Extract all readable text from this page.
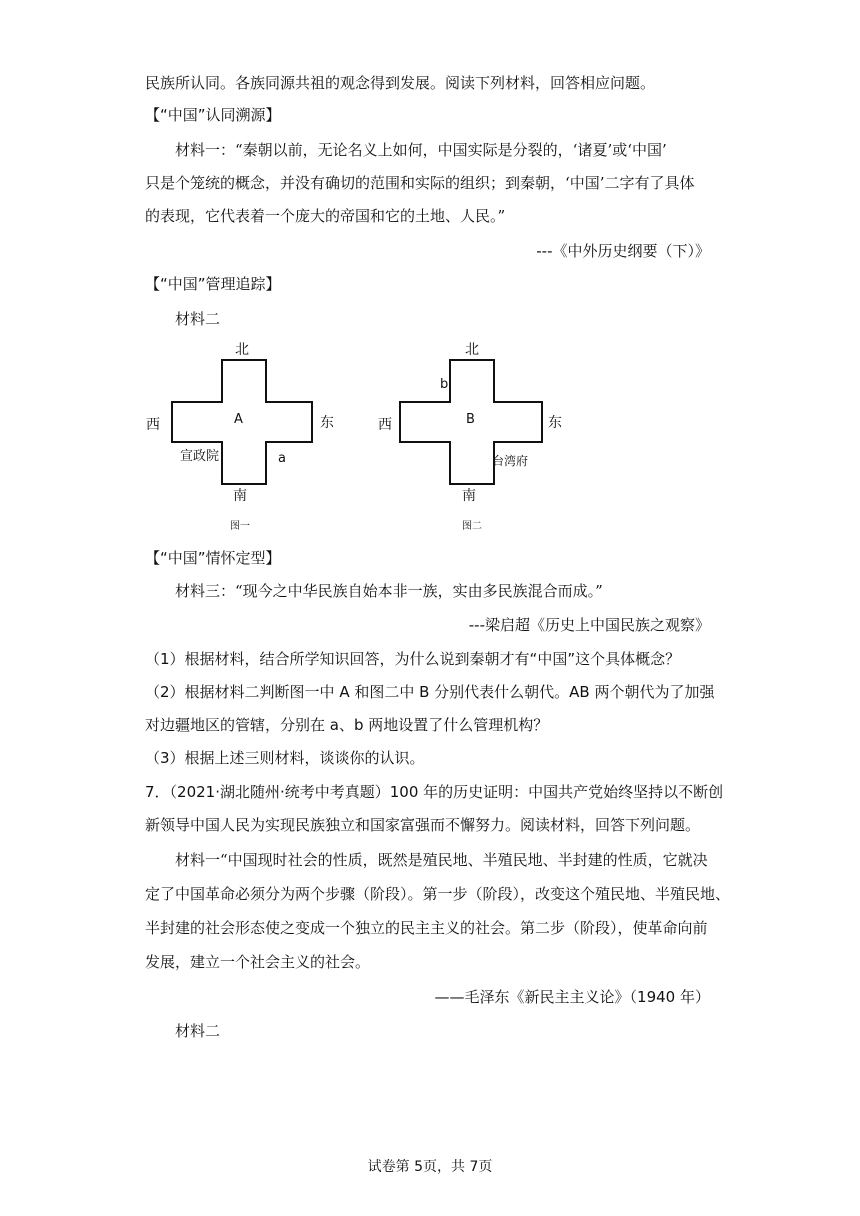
民族所认同。各族同源共祖的观念得到发展。阅读下列材料，回答相应问题。
【“中国”认同溯源】
材料一：“秦朝以前，无论名义上如何，中国实际是分裂的，‘诸夏’或‘中国’
只是个笼统的概念，并没有确切的范围和实际的组织；到秦朝，‘中国’二字有了具体
的表现，它代表着一个庞大的帝国和它的土地、人民。”
---《中外历史纲要（下）》
【“中国”管理追踪】
材料二
北
南
西	东
A
宣政院	a
图一
北
南
西	东
B
b
台湾府
图二
【“中国”情怀定型】
材料三：“现今之中华民族自始本非一族，实由多民族混合而成。”
---梁启超《历史上中国民族之观察》
（1）根据材料，结合所学知识回答，为什么说到秦朝才有“中国”这个具体概念？
（2）根据材料二判断图一中 A 和图二中 B 分别代表什么朝代。AB 两个朝代为了加强
对边疆地区的管辖，分别在 a、b 两地设置了什么管理机构？
（3）根据上述三则材料，谈谈你的认识。
7．（2021·湖北随州·统考中考真题）100 年的历史证明：中国共产党始终坚持以不断创
新领导中国人民为实现民族独立和国家富强而不懈努力。阅读材料，回答下列问题。
材料一“中国现时社会的性质，既然是殖民地、半殖民地、半封建的性质，它就决
定了中国革命必须分为两个步骤（阶段）。第一步（阶段），改变这个殖民地、半殖民地、
半封建的社会形态使之变成一个独立的民主主义的社会。第二步（阶段），使革命向前
发展，建立一个社会主义的社会。
——毛泽东《新民主主义论》（1940 年）
材料二
试卷第 5页，共 7页
